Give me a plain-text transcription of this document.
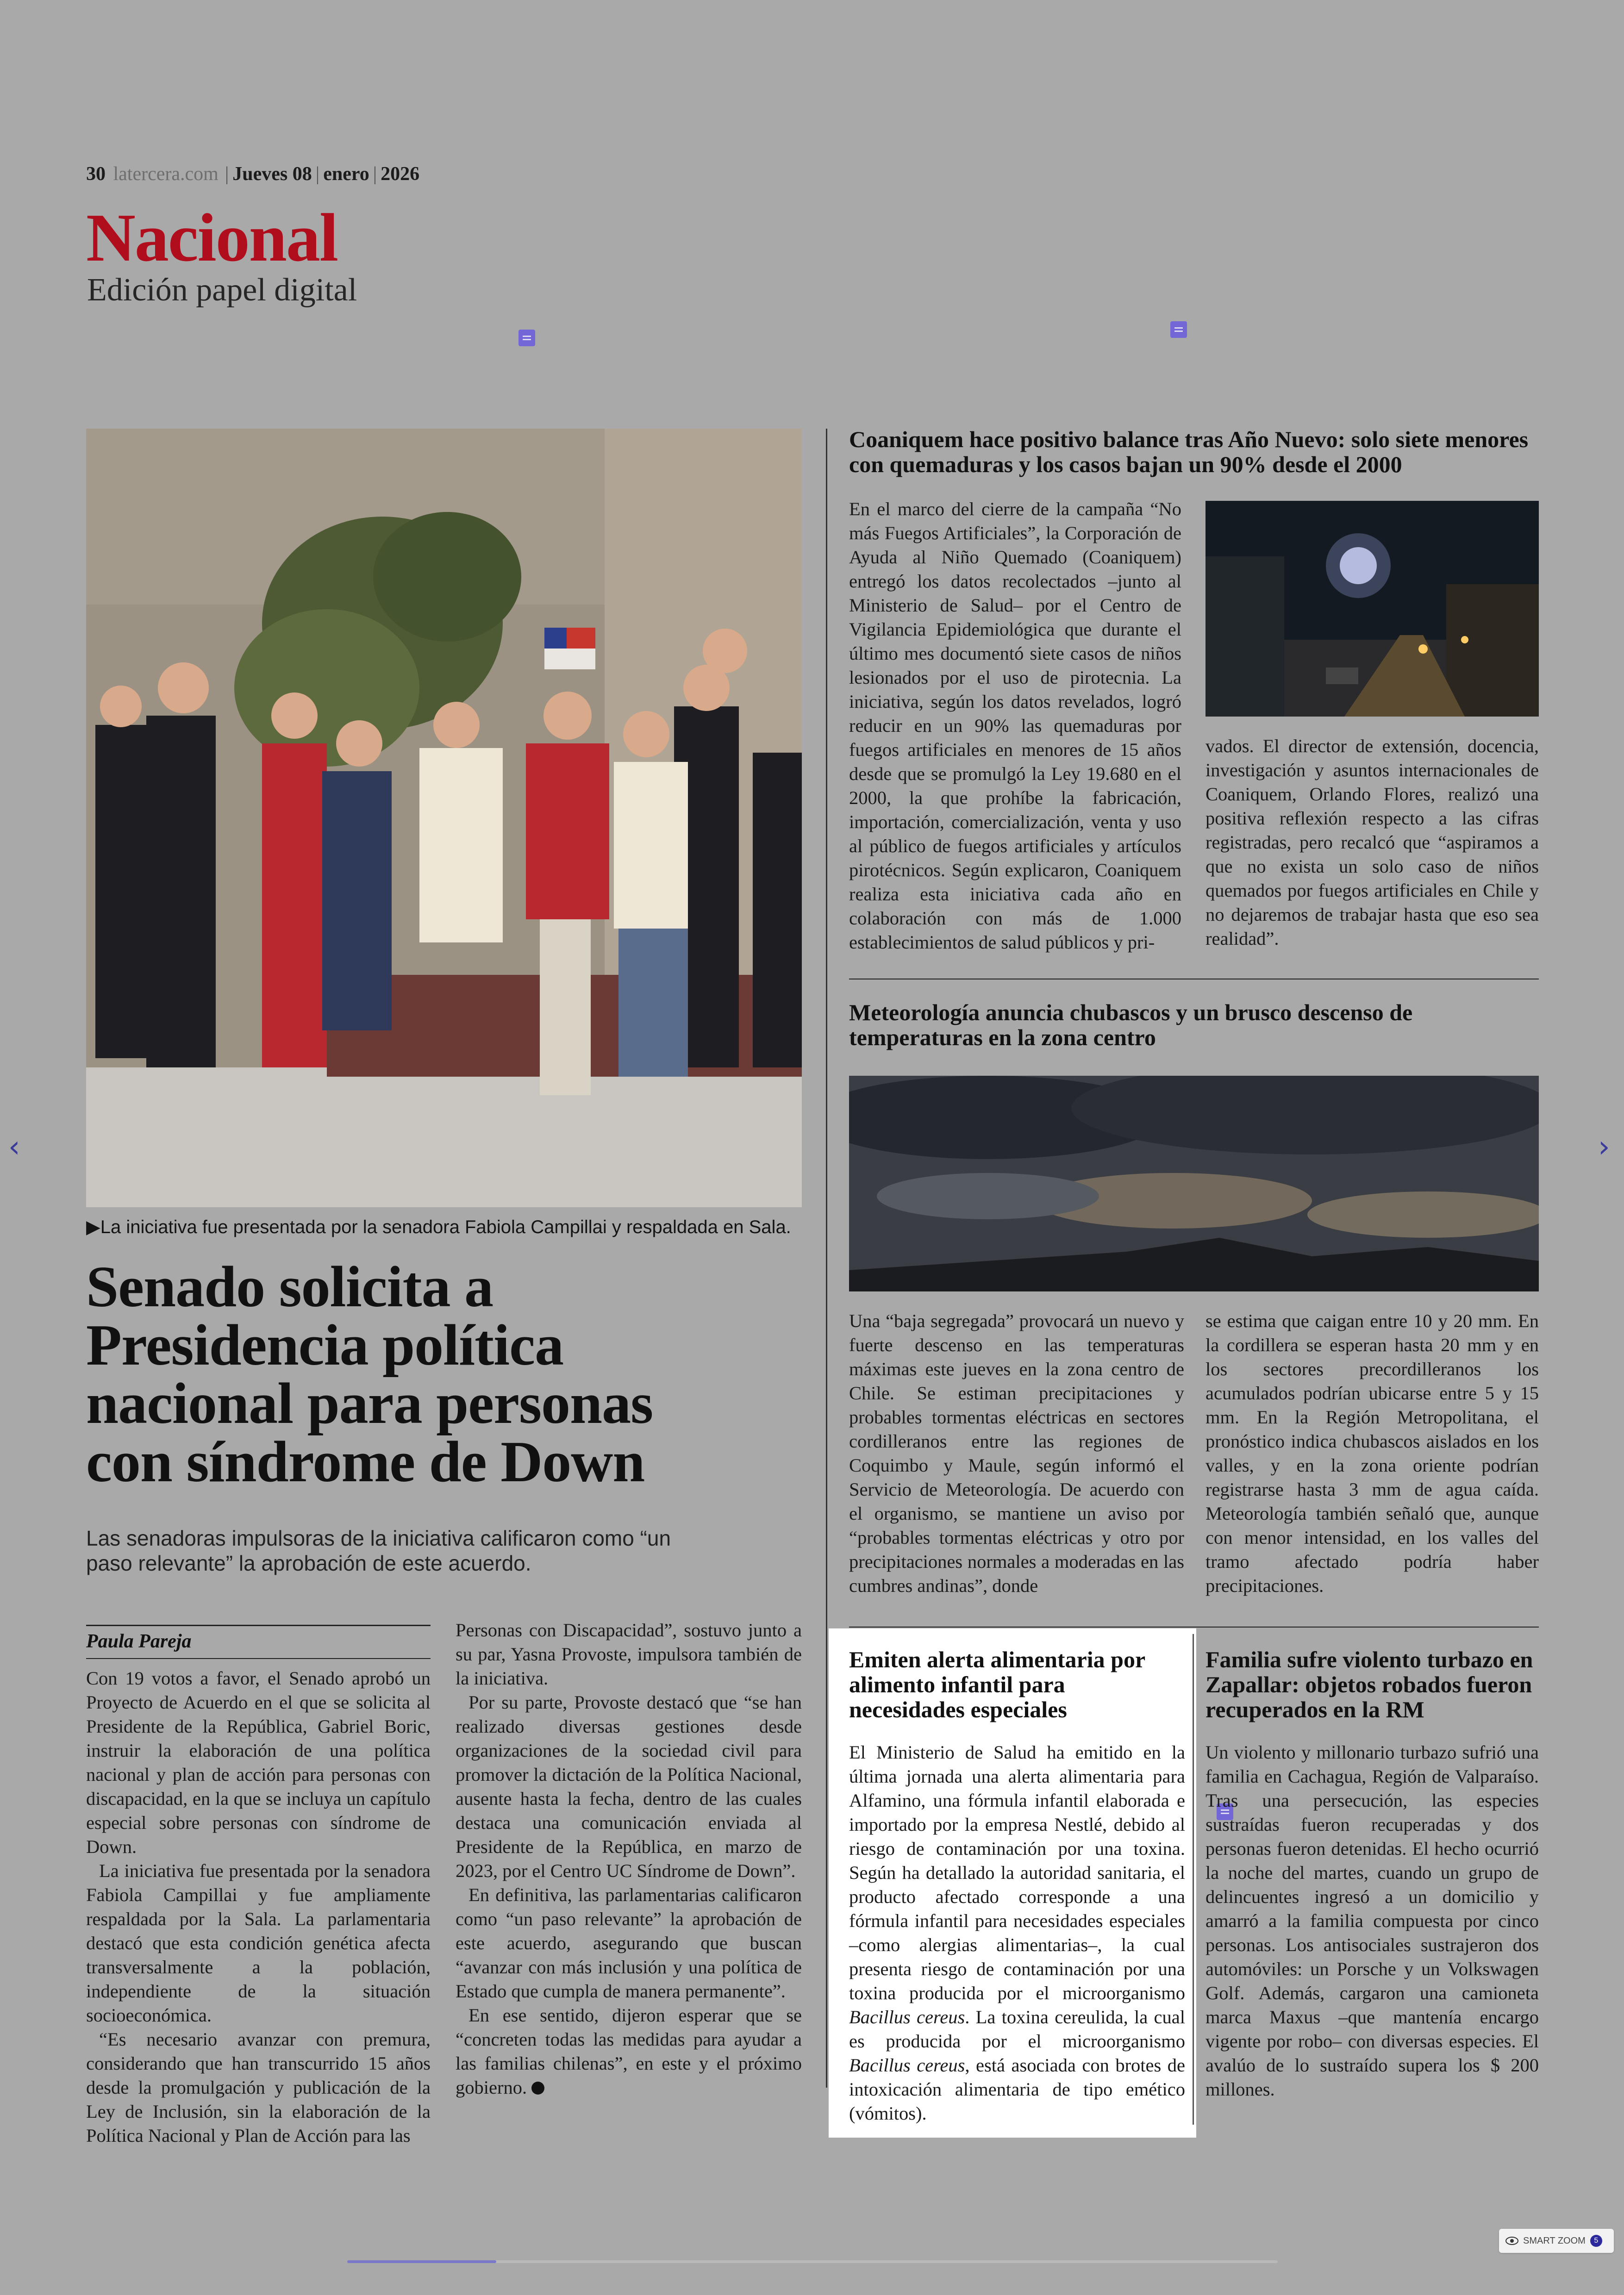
30 latercera.com | Jueves 08 | enero | 2026
Nacional
Edición papel digital
‹	›
▶La iniciativa fue presentada por la senadora Fabiola Campillai y respaldada en Sala.
Senado solicita a
Presidencia política
nacional para personas
con síndrome de Down
Las senadoras impulsoras de la iniciativa calificaron como “un paso relevante” la aprobación de este acuerdo.
Paula Pareja

Con 19 votos a favor, el Senado aprobó un Proyecto de Acuerdo en el que se solicita al Presidente de la República, Gabriel Boric, instruir la elaboración de una política nacional y plan de acción para personas con discapacidad, en la que se incluya un capítulo especial sobre personas con síndrome de Down.

La iniciativa fue presentada por la senadora Fabiola Campillai y fue ampliamente respaldada por la Sala. La parlamentaria destacó que esta condición genética afecta transversalmente a la población, independiente de la situación socioeconómica.

“Es necesario avanzar con premura, considerando que han transcurrido 15 años desde la promulgación y publicación de la Ley de Inclusión, sin la elaboración de la Política Nacional y Plan de Acción para las

Personas con Discapacidad”, sostuvo junto a su par, Yasna Provoste, impulsora también de la iniciativa.

Por su parte, Provoste destacó que “se han realizado diversas gestiones desde organizaciones de la sociedad civil para promover la dictación de la Política Nacional, ausente hasta la fecha, dentro de las cuales destaca una comunicación enviada al Presidente de la República, en marzo de 2023, por el Centro UC Síndrome de Down”.

En definitiva, las parlamentarias calificaron como “un paso relevante” la aprobación de este acuerdo, asegurando que buscan “avanzar con más inclusión y una política de Estado que cumpla de manera permanente”.

En ese sentido, dijeron esperar que se “concreten todas las medidas para ayudar a las familias chilenas”, en este y el próximo gobierno.

Coaniquem hace positivo balance tras Año Nuevo: solo siete menores con quemaduras y los casos bajan un 90% desde el 2000
En el marco del cierre de la campaña “No más Fuegos Artificiales”, la Corporación de Ayuda al Niño Quemado (Coaniquem) entregó los datos recolectados –junto al Ministerio de Salud– por el Centro de Vigilancia Epidemiológica que durante el último mes documentó siete casos de niños lesionados por el uso de pirotecnia. La iniciativa, según los datos revelados, logró reducir en un 90% las quemaduras por fuegos artificiales en menores de 15 años desde que se promulgó la Ley 19.680 en el 2000, la que prohíbe la fabricación, importación, comercialización, venta y uso al público de fuegos artificiales y artículos pirotécnicos. Según explicaron, Coaniquem realiza esta iniciativa cada año en colaboración con más de 1.000 establecimientos de salud públicos y pri-
vados. El director de extensión, docencia, investigación y asuntos internacionales de Coaniquem, Orlando Flores, realizó una positiva reflexión respecto a las cifras registradas, pero recalcó que “aspiramos a que no exista un solo caso de niños quemados por fuegos artificiales en Chile y no dejaremos de trabajar hasta que eso sea realidad”.
Meteorología anuncia chubascos y un brusco descenso de temperaturas en la zona centro
Una “baja segregada” provocará un nuevo y fuerte descenso en las temperaturas máximas este jueves en la zona centro de Chile. Se estiman precipitaciones y probables tormentas eléctricas en sectores cordilleranos entre las regiones de Coquimbo y Maule, según informó el Servicio de Meteorología. De acuerdo con el organismo, se mantiene un aviso por “probables tormentas eléctricas y otro por precipitaciones normales a moderadas en las cumbres andinas”, donde
se estima que caigan entre 10 y 20 mm. En la cordillera se esperan hasta 20 mm y en los sectores precordilleranos los acumulados podrían ubicarse entre 5 y 15 mm. En la Región Metropolitana, el pronóstico indica chubascos aislados en los valles, y en la zona oriente podrían registrarse hasta 3 mm de agua caída. Meteorología también señaló que, aunque con menor intensidad, en los valles del tramo afectado podría haber precipitaciones.
Emiten alerta alimentaria por alimento infantil para necesidades especiales
El Ministerio de Salud ha emitido en la última jornada una alerta alimentaria para Alfamino, una fórmula infantil elaborada e importado por la empresa Nestlé, debido al riesgo de contaminación por una toxina. Según ha detallado la autoridad sanitaria, el producto afectado corresponde a una fórmula infantil para necesidades especiales –como alergias alimentarias–, la cual presenta riesgo de contaminación por una toxina producida por el microorganismo Bacillus cereus. La toxina cereulida, la cual es producida por el microorganismo Bacillus cereus, está asociada con brotes de intoxicación alimentaria de tipo emético (vómitos).
Familia sufre violento turbazo en Zapallar: objetos robados fueron recuperados en la RM
Un violento y millonario turbazo sufrió una familia en Cachagua, Región de Valparaíso. Tras una persecución, las especies sustraídas fueron recuperadas y dos personas fueron detenidas. El hecho ocurrió la noche del martes, cuando un grupo de delincuentes ingresó a un domicilio y amarró a la familia compuesta por cinco personas. Los antisociales sustrajeron dos automóviles: un Porsche y un Volkswagen Golf. Además, cargaron una camioneta marca Maxus –que mantenía encargo vigente por robo– con diversas especies. El avalúo de lo sustraído supera los $ 200 millones.
SMART ZOOM	5
